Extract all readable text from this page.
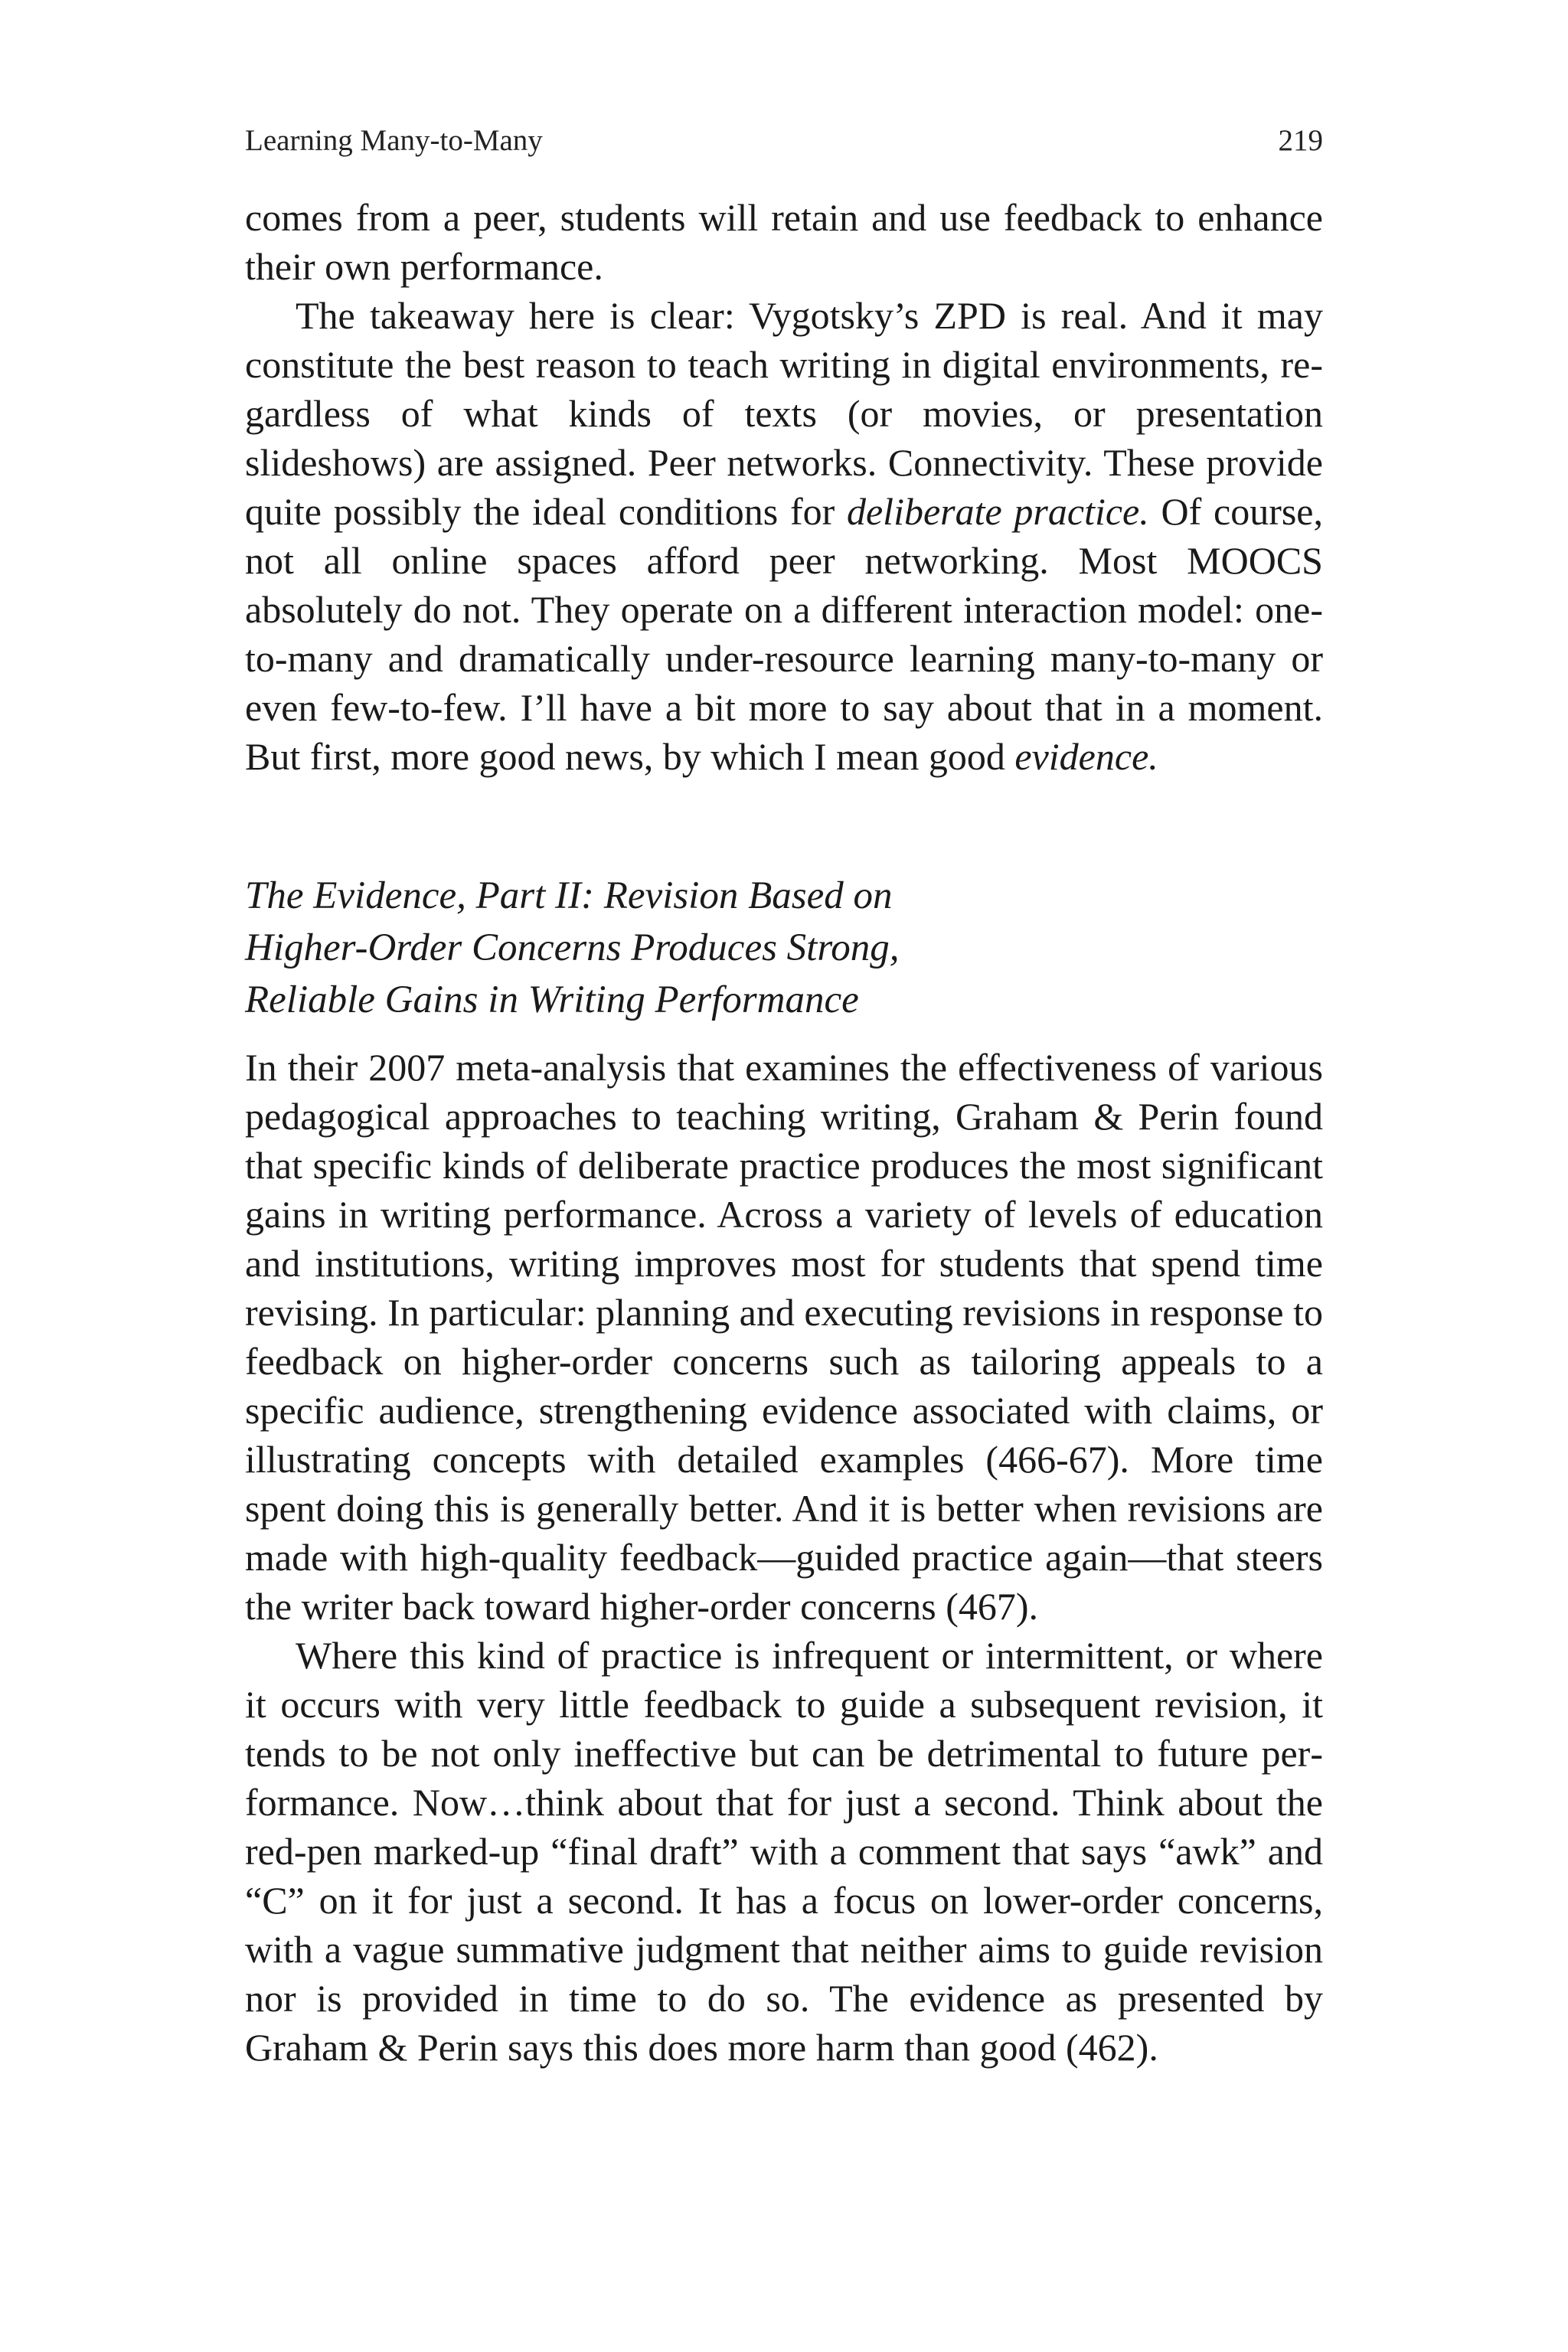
Learning Many-to-Many	219

comes from a peer, students will retain and use feedback to enhance their own performance.

The takeaway here is clear: Vygotsky’s ZPD is real. And it may constitute the best reason to teach writing in digital environments, regardless of what kinds of texts (or movies, or presentation slideshows) are assigned. Peer networks. Connectivity. These provide quite possibly the ideal conditions for deliberate practice. Of course, not all online spaces afford peer networking. Most MOOCS absolutely do not. They operate on a different interaction model: one-to-many and dramatically under-resource learning many-to-many or even few-to-few. I’ll have a bit more to say about that in a moment. But first, more good news, by which I mean good evidence.

The Evidence, Part II: Revision Based on
Higher-Order Concerns Produces Strong,
Reliable Gains in Writing Performance

In their 2007 meta-analysis that examines the effectiveness of various pedagogical approaches to teaching writing, Graham & Perin found that specific kinds of deliberate practice produces the most significant gains in writing performance. Across a variety of levels of education and institutions, writing improves most for students that spend time revising. In particular: planning and executing revisions in response to feedback on higher-order concerns such as tailoring appeals to a specific audience, strengthening evidence associated with claims, or illustrating concepts with detailed examples (466-67). More time spent doing this is generally better. And it is better when revisions are made with high-quality feedback—guided practice again—that steers the writer back toward higher-order concerns (467).

Where this kind of practice is infrequent or intermittent, or where it occurs with very little feedback to guide a subsequent revision, it tends to be not only ineffective but can be detrimental to future performance. Now…think about that for just a second. Think about the red-pen marked-up “final draft” with a comment that says “awk” and “C” on it for just a second. It has a focus on lower-order concerns, with a vague summative judgment that neither aims to guide revision nor is provided in time to do so. The evidence as presented by Graham & Perin says this does more harm than good (462).
